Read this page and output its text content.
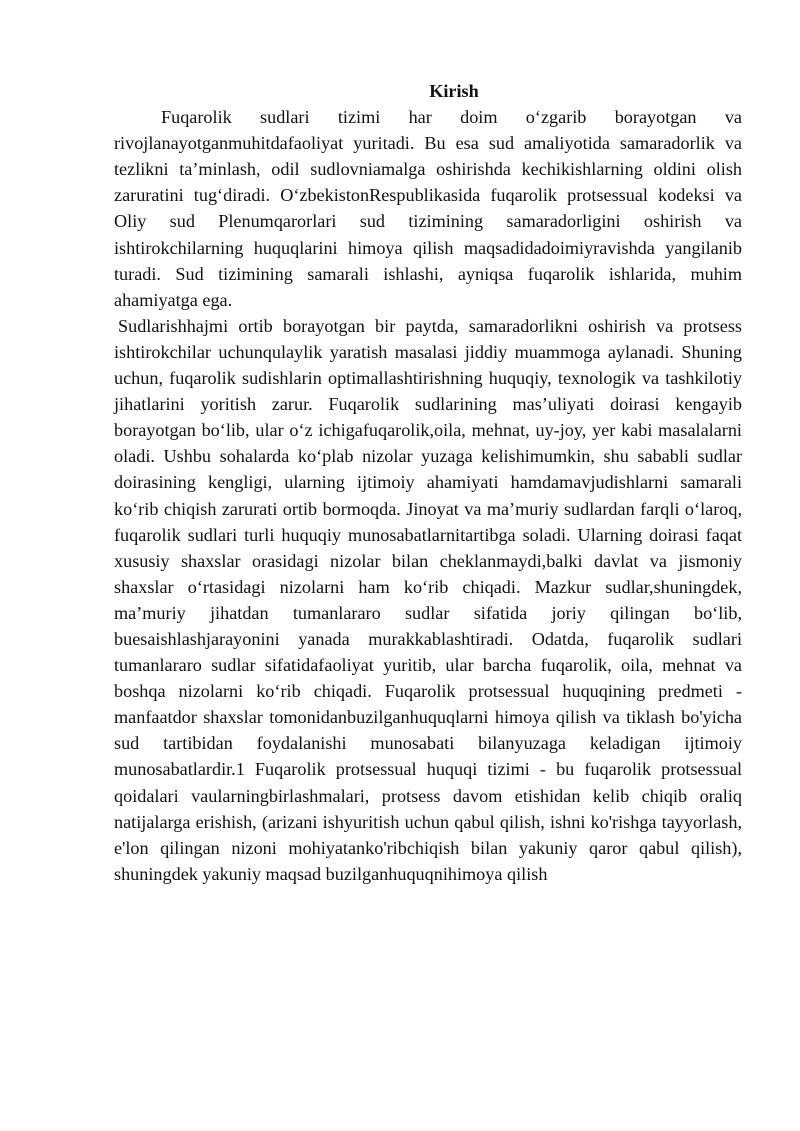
Kirish

Fuqarolik sudlari tizimi har doim o‘zgarib borayotgan va rivojlanayotganmuhitdafaoliyat yuritadi. Bu esa sud amaliyotida samaradorlik va tezlikni ta’minlash, odil sudlovniamalga oshirishda kechikishlarning oldini olish zaruratini tug‘diradi. O‘zbekistonRespublikasida fuqarolik protsessual kodeksi va Oliy sud Plenumqarorlari sud tizimining samaradorligini oshirish va ishtirokchilarning huquqlarini himoya qilish maqsadidadoimiyravishda yangilanib turadi. Sud tizimining samarali ishlashi, ayniqsa fuqarolik ishlarida, muhim ahamiyatga ega.

Sudlarishhajmi ortib borayotgan bir paytda, samaradorlikni oshirish va protsess ishtirokchilar uchunqulaylik yaratish masalasi jiddiy muammoga aylanadi. Shuning uchun, fuqarolik sudishlarin optimallashtirishning huquqiy, texnologik va tashkilotiy jihatlarini yoritish zarur. Fuqarolik sudlarining mas’uliyati doirasi kengayib borayotgan bo‘lib, ular o‘z ichigafuqarolik,oila, mehnat, uy-joy, yer kabi masalalarni oladi. Ushbu sohalarda ko‘plab nizolar yuzaga kelishimumkin, shu sababli sudlar doirasining kengligi, ularning ijtimoiy ahamiyati hamdamavjudishlarni samarali ko‘rib chiqish zarurati ortib bormoqda. Jinoyat va ma’muriy sudlardan farqli o‘laroq, fuqarolik sudlari turli huquqiy munosabatlarnitartibga soladi. Ularning doirasi faqat xususiy shaxslar orasidagi nizolar bilan cheklanmaydi,balki davlat va jismoniy shaxslar o‘rtasidagi nizolarni ham ko‘rib chiqadi. Mazkur sudlar,shuningdek, ma’muriy jihatdan tumanlararo sudlar sifatida joriy qilingan bo‘lib, buesaishlashjarayonini yanada murakkablashtiradi. Odatda, fuqarolik sudlari tumanlararo sudlar sifatidafaoliyat yuritib, ular barcha fuqarolik, oila, mehnat va boshqa nizolarni ko‘rib chiqadi. Fuqarolik protsessual huquqining predmeti - manfaatdor shaxslar tomonidanbuzilganhuquqlarni himoya qilish va tiklash bo'yicha sud tartibidan foydalanishi munosabati bilanyuzaga keladigan ijtimoiy munosabatlardir.1 Fuqarolik protsessual huquqi tizimi - bu fuqarolik protsessual qoidalari vaularningbirlashmalari, protsess davom etishidan kelib chiqib oraliq natijalarga erishish, (arizani ishyuritish uchun qabul qilish, ishni ko'rishga tayyorlash, e'lon qilingan nizoni mohiyatanko'ribchiqish bilan yakuniy qaror qabul qilish), shuningdek yakuniy maqsad buzilganhuquqnihimoya qilish
